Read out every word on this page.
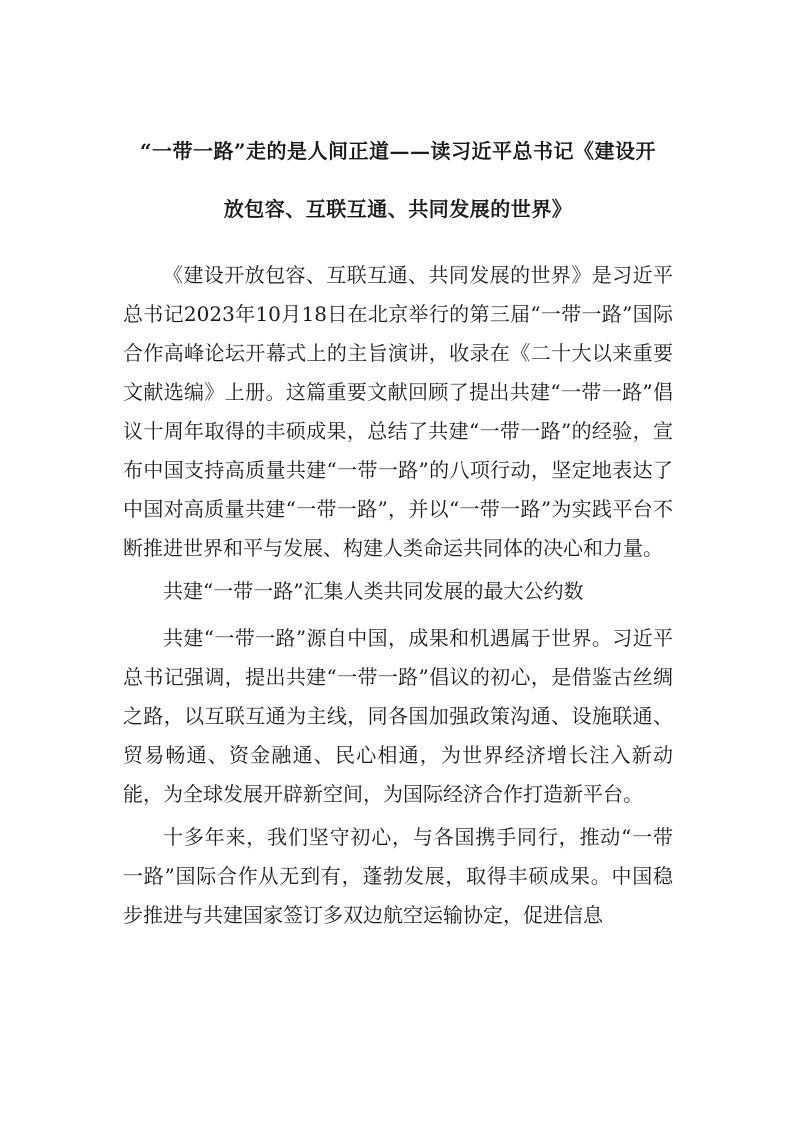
“一带一路”走的是人间正道——读习近平总书记《建设开
放包容、互联互通、共同发展的世界》

《建设开放包容、互联互通、共同发展的世界》是习近平总书记2023年10月18日在北京举行的第三届“一带一路”国际合作高峰论坛开幕式上的主旨演讲，收录在《二十大以来重要文献选编》上册。这篇重要文献回顾了提出共建“一带一路”倡议十周年取得的丰硕成果，总结了共建“一带一路”的经验，宣布中国支持高质量共建“一带一路”的八项行动，坚定地表达了中国对高质量共建“一带一路”，并以“一带一路”为实践平台不断推进世界和平与发展、构建人类命运共同体的决心和力量。

共建“一带一路”汇集人类共同发展的最大公约数

共建“一带一路”源自中国，成果和机遇属于世界。习近平总书记强调，提出共建“一带一路”倡议的初心，是借鉴古丝绸之路，以互联互通为主线，同各国加强政策沟通、设施联通、贸易畅通、资金融通、民心相通，为世界经济增长注入新动能，为全球发展开辟新空间，为国际经济合作打造新平台。

十多年来，我们坚守初心，与各国携手同行，推动“一带一路”国际合作从无到有，蓬勃发展，取得丰硕成果。中国稳步推进与共建国家签订多双边航空运输协定，促进信息
